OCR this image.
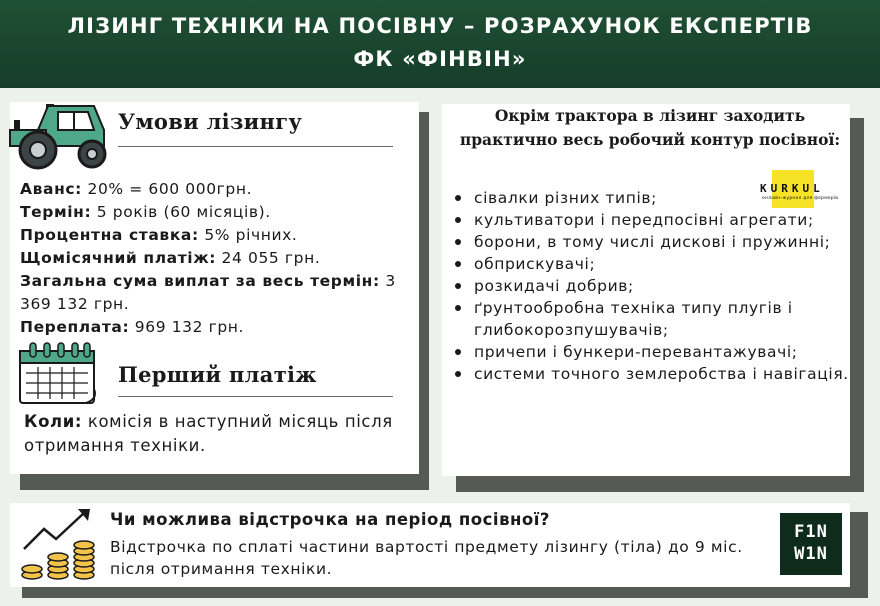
ЛІЗИНГ ТЕХНІКИ НА ПОСІВНУ – РОЗРАХУНОК ЕКСПЕРТІВ
ФК «ФІНВІН»

Умови лізингу
Аванс: 20% = 600 000грн.
Термін: 5 років (60 місяців).
Процентна ставка: 5% річних.
Щомісячний платіж: 24 055 грн.
Загальна сума виплат за весь термін: 3 369 132 грн.
Переплата: 969 132 грн.
Перший платіж

Коли: комісія в наступний місяць після отримання техніки.

Окрім трактора в лізинг заходить практично весь робочий контур посівної:
KURKUL
онлайн-журнал для фермерів
сівалки різних типів;
культиватори і передпосівні агрегати;
борони, в тому числі дискові і пружинні;
обприскувачі;
розкидачі добрив;
ґрунтообробна техніка типу плугів і глибокорозпушувачів;
причепи і бункери-перевантажувачі;
системи точного землеробства і навігація.
Чи можлива відстрочка на період посівної?

Відстрочка по сплаті частини вартості предмету лізингу (тіла) до 9 міс. після отримання техніки.

F1N
W1N
